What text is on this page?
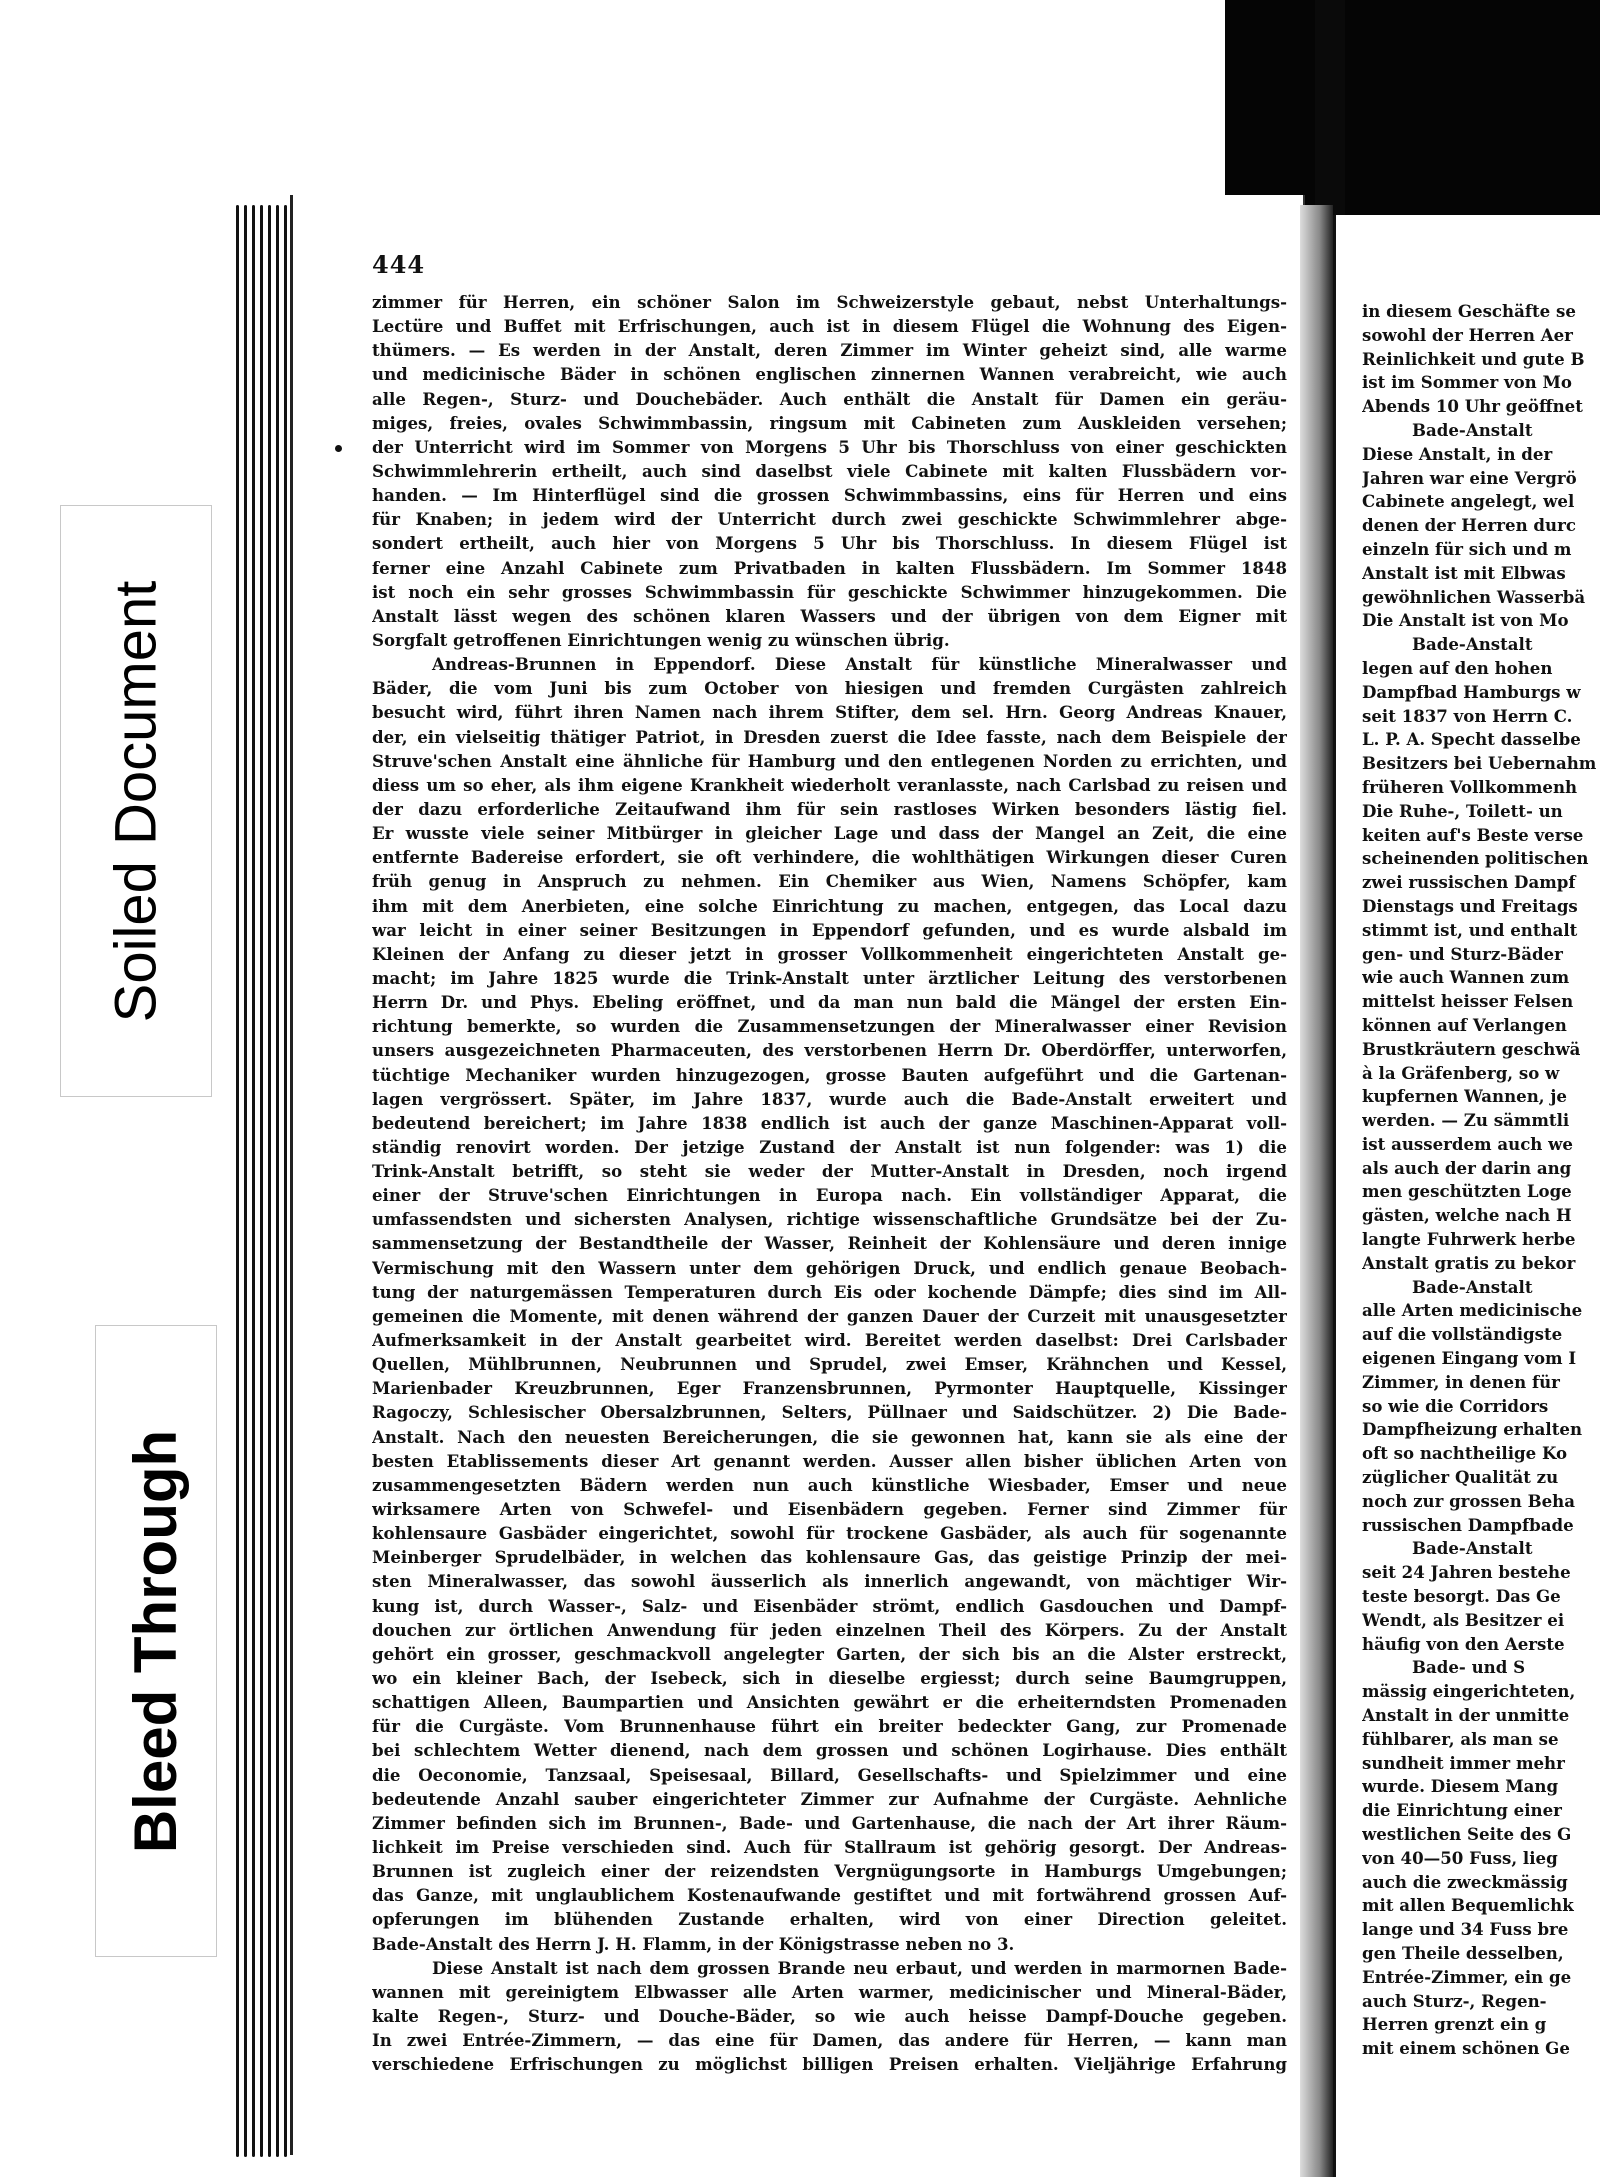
444
zimmer für Herren, ein schöner Salon im Schweizerstyle gebaut, nebst Unterhaltungs-
Lectüre und Buffet mit Erfrischungen, auch ist in diesem Flügel die Wohnung des Eigen-
thümers. — Es werden in der Anstalt, deren Zimmer im Winter geheizt sind, alle warme
und medicinische Bäder in schönen englischen zinnernen Wannen verabreicht, wie auch
alle Regen-, Sturz- und Douchebäder. Auch enthält die Anstalt für Damen ein geräu-
miges, freies, ovales Schwimmbassin, ringsum mit Cabineten zum Auskleiden versehen;
der Unterricht wird im Sommer von Morgens 5 Uhr bis Thorschluss von einer geschickten
Schwimmlehrerin ertheilt, auch sind daselbst viele Cabinete mit kalten Flussbädern vor-
handen. — Im Hinterflügel sind die grossen Schwimmbassins, eins für Herren und eins
für Knaben; in jedem wird der Unterricht durch zwei geschickte Schwimmlehrer abge-
sondert ertheilt, auch hier von Morgens 5 Uhr bis Thorschluss. In diesem Flügel ist
ferner eine Anzahl Cabinete zum Privatbaden in kalten Flussbädern. Im Sommer 1848
ist noch ein sehr grosses Schwimmbassin für geschickte Schwimmer hinzugekommen. Die
Anstalt lässt wegen des schönen klaren Wassers und der übrigen von dem Eigner mit
Sorgfalt getroffenen Einrichtungen wenig zu wünschen übrig.
Andreas-Brunnen in Eppendorf. Diese Anstalt für künstliche Mineralwasser und
Bäder, die vom Juni bis zum October von hiesigen und fremden Curgästen zahlreich
besucht wird, führt ihren Namen nach ihrem Stifter, dem sel. Hrn. Georg Andreas Knauer,
der, ein vielseitig thätiger Patriot, in Dresden zuerst die Idee fasste, nach dem Beispiele der
Struve'schen Anstalt eine ähnliche für Hamburg und den entlegenen Norden zu errichten, und
diess um so eher, als ihm eigene Krankheit wiederholt veranlasste, nach Carlsbad zu reisen und
der dazu erforderliche Zeitaufwand ihm für sein rastloses Wirken besonders lästig fiel.
Er wusste viele seiner Mitbürger in gleicher Lage und dass der Mangel an Zeit, die eine
entfernte Badereise erfordert, sie oft verhindere, die wohlthätigen Wirkungen dieser Curen
früh genug in Anspruch zu nehmen. Ein Chemiker aus Wien, Namens Schöpfer, kam
ihm mit dem Anerbieten, eine solche Einrichtung zu machen, entgegen, das Local dazu
war leicht in einer seiner Besitzungen in Eppendorf gefunden, und es wurde alsbald im
Kleinen der Anfang zu dieser jetzt in grosser Vollkommenheit eingerichteten Anstalt ge-
macht; im Jahre 1825 wurde die Trink-Anstalt unter ärztlicher Leitung des verstorbenen
Herrn Dr. und Phys. Ebeling eröffnet, und da man nun bald die Mängel der ersten Ein-
richtung bemerkte, so wurden die Zusammensetzungen der Mineralwasser einer Revision
unsers ausgezeichneten Pharmaceuten, des verstorbenen Herrn Dr. Oberdörffer, unterworfen,
tüchtige Mechaniker wurden hinzugezogen, grosse Bauten aufgeführt und die Gartenan-
lagen vergrössert. Später, im Jahre 1837, wurde auch die Bade-Anstalt erweitert und
bedeutend bereichert; im Jahre 1838 endlich ist auch der ganze Maschinen-Apparat voll-
ständig renovirt worden. Der jetzige Zustand der Anstalt ist nun folgender: was 1) die
Trink-Anstalt betrifft, so steht sie weder der Mutter-Anstalt in Dresden, noch irgend
einer der Struve'schen Einrichtungen in Europa nach. Ein vollständiger Apparat, die
umfassendsten und sichersten Analysen, richtige wissenschaftliche Grundsätze bei der Zu-
sammensetzung der Bestandtheile der Wasser, Reinheit der Kohlensäure und deren innige
Vermischung mit den Wassern unter dem gehörigen Druck, und endlich genaue Beobach-
tung der naturgemässen Temperaturen durch Eis oder kochende Dämpfe; dies sind im All-
gemeinen die Momente, mit denen während der ganzen Dauer der Curzeit mit unausgesetzter
Aufmerksamkeit in der Anstalt gearbeitet wird. Bereitet werden daselbst: Drei Carlsbader
Quellen, Mühlbrunnen, Neubrunnen und Sprudel, zwei Emser, Krähnchen und Kessel,
Marienbader Kreuzbrunnen, Eger Franzensbrunnen, Pyrmonter Hauptquelle, Kissinger
Ragoczy, Schlesischer Obersalzbrunnen, Selters, Püllnaer und Saidschützer. 2) Die Bade-
Anstalt. Nach den neuesten Bereicherungen, die sie gewonnen hat, kann sie als eine der
besten Etablissements dieser Art genannt werden. Ausser allen bisher üblichen Arten von
zusammengesetzten Bädern werden nun auch künstliche Wiesbader, Emser und neue
wirksamere Arten von Schwefel- und Eisenbädern gegeben. Ferner sind Zimmer für
kohlensaure Gasbäder eingerichtet, sowohl für trockene Gasbäder, als auch für sogenannte
Meinberger Sprudelbäder, in welchen das kohlensaure Gas, das geistige Prinzip der mei-
sten Mineralwasser, das sowohl äusserlich als innerlich angewandt, von mächtiger Wir-
kung ist, durch Wasser-, Salz- und Eisenbäder strömt, endlich Gasdouchen und Dampf-
douchen zur örtlichen Anwendung für jeden einzelnen Theil des Körpers. Zu der Anstalt
gehört ein grosser, geschmackvoll angelegter Garten, der sich bis an die Alster erstreckt,
wo ein kleiner Bach, der Isebeck, sich in dieselbe ergiesst; durch seine Baumgruppen,
schattigen Alleen, Baumpartien und Ansichten gewährt er die erheiterndsten Promenaden
für die Curgäste. Vom Brunnenhause führt ein breiter bedeckter Gang, zur Promenade
bei schlechtem Wetter dienend, nach dem grossen und schönen Logirhause. Dies enthält
die Oeconomie, Tanzsaal, Speisesaal, Billard, Gesellschafts- und Spielzimmer und eine
bedeutende Anzahl sauber eingerichteter Zimmer zur Aufnahme der Curgäste. Aehnliche
Zimmer befinden sich im Brunnen-, Bade- und Gartenhause, die nach der Art ihrer Räum-
lichkeit im Preise verschieden sind. Auch für Stallraum ist gehörig gesorgt. Der Andreas-
Brunnen ist zugleich einer der reizendsten Vergnügungsorte in Hamburgs Umgebungen;
das Ganze, mit unglaublichem Kostenaufwande gestiftet und mit fortwährend grossen Auf-
opferungen im blühenden Zustande erhalten, wird von einer Direction geleitet.
Bade-Anstalt des Herrn J. H. Flamm, in der Königstrasse neben no 3.
Diese Anstalt ist nach dem grossen Brande neu erbaut, und werden in marmornen Bade-
wannen mit gereinigtem Elbwasser alle Arten warmer, medicinischer und Mineral-Bäder,
kalte Regen-, Sturz- und Douche-Bäder, so wie auch heisse Dampf-Douche gegeben.
In zwei Entrée-Zimmern, — das eine für Damen, das andere für Herren, — kann man
verschiedene Erfrischungen zu möglichst billigen Preisen erhalten. Vieljährige Erfahrung
in diesem Geschäfte se
sowohl der Herren Aer
Reinlichkeit und gute B
ist im Sommer von Mo
Abends 10 Uhr geöffnet
Bade-Anstalt
Diese Anstalt, in der
Jahren war eine Vergrö
Cabinete angelegt, wel
denen der Herren durc
einzeln für sich und m
Anstalt ist mit Elbwas
gewöhnlichen Wasserbä
Die Anstalt ist von Mo
Bade-Anstalt
legen auf den hohen
Dampfbad Hamburgs w
seit 1837 von Herrn C.
L. P. A. Specht dasselbe
Besitzers bei Uebernahm
früheren Vollkommenh
Die Ruhe-, Toilett- un
keiten auf's Beste verse
scheinenden politischen
zwei russischen Dampf
Dienstags und Freitags
stimmt ist, und enthalt
gen- und Sturz-Bäder
wie auch Wannen zum
mittelst heisser Felsen
können auf Verlangen
Brustkräutern geschwä
à la Gräfenberg, so w
kupfernen Wannen, je
werden. — Zu sämmtli
ist ausserdem auch we
als auch der darin ang
men geschützten Loge
gästen, welche nach H
langte Fuhrwerk herbe
Anstalt gratis zu bekor
Bade-Anstalt
alle Arten medicinische
auf die vollständigste
eigenen Eingang vom I
Zimmer, in denen für
so wie die Corridors
Dampfheizung erhalten
oft so nachtheilige Ko
züglicher Qualität zu
noch zur grossen Beha
russischen Dampfbade
Bade-Anstalt
seit 24 Jahren bestehe
teste besorgt. Das Ge
Wendt, als Besitzer ei
häufig von den Aerste
Bade- und S
mässig eingerichteten,
Anstalt in der unmitte
fühlbarer, als man se
sundheit immer mehr
wurde. Diesem Mang
die Einrichtung einer
westlichen Seite des G
von 40—50 Fuss, lieg
auch die zweckmässig
mit allen Bequemlichk
lange und 34 Fuss bre
gen Theile desselben,
Entrée-Zimmer, ein ge
auch Sturz-, Regen-
Herren grenzt ein g
mit einem schönen Ge
Soiled Document
Bleed Through
